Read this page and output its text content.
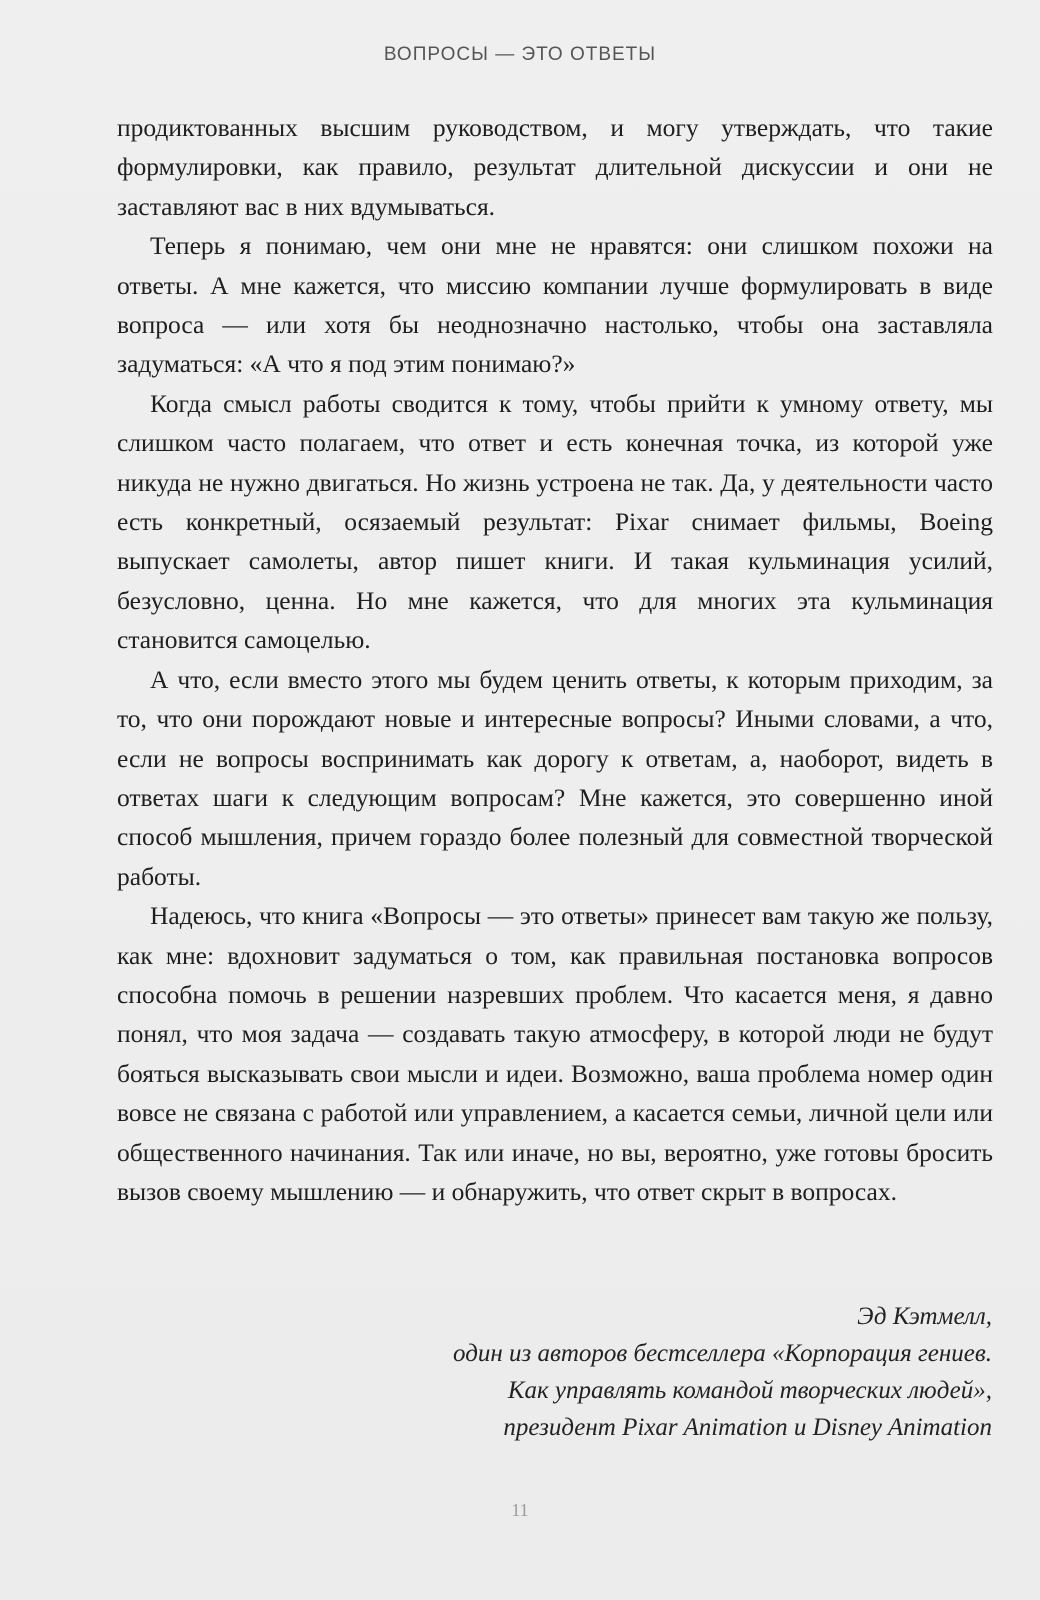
ВОПРОСЫ — ЭТО ОТВЕТЫ

продиктованных высшим руководством, и могу утверждать, что такие формулировки, как правило, результат длительной дискуссии и они не заставляют вас в них вдумываться.

Теперь я понимаю, чем они мне не нравятся: они слишком похожи на ответы. А мне кажется, что миссию компании лучше формулировать в виде вопроса — или хотя бы неоднозначно настолько, чтобы она заставляла задуматься: «А что я под этим понимаю?»

Когда смысл работы сводится к тому, чтобы прийти к умному ответу, мы слишком часто полагаем, что ответ и есть конечная точка, из которой уже никуда не нужно двигаться. Но жизнь устроена не так. Да, у деятельности часто есть конкретный, осязаемый результат: Pixar снимает фильмы, Boeing выпускает самолеты, автор пишет книги. И такая кульминация усилий, безусловно, ценна. Но мне кажется, что для многих эта кульминация становится самоцелью.

А что, если вместо этого мы будем ценить ответы, к которым приходим, за то, что они порождают новые и интересные вопросы? Иными словами, а что, если не вопросы воспринимать как дорогу к ответам, а, наоборот, видеть в ответах шаги к следующим вопросам? Мне кажется, это совершенно иной способ мышления, причем гораздо более полезный для совместной творческой работы.

Надеюсь, что книга «Вопросы — это ответы» принесет вам такую же пользу, как мне: вдохновит задуматься о том, как правильная постановка вопросов способна помочь в решении назревших проблем. Что касается меня, я давно понял, что моя задача — создавать такую атмосферу, в которой люди не будут бояться высказывать свои мысли и идеи. Возможно, ваша проблема номер один вовсе не связана с работой или управлением, а касается семьи, личной цели или общественного начинания. Так или иначе, но вы, вероятно, уже готовы бросить вызов своему мышлению — и обнаружить, что ответ скрыт в вопросах.

Эд Кэтмелл,
один из авторов бестселлера «Корпорация гениев.
Как управлять командой творческих людей»,
президент Pixar Animation и Disney Animation
11
